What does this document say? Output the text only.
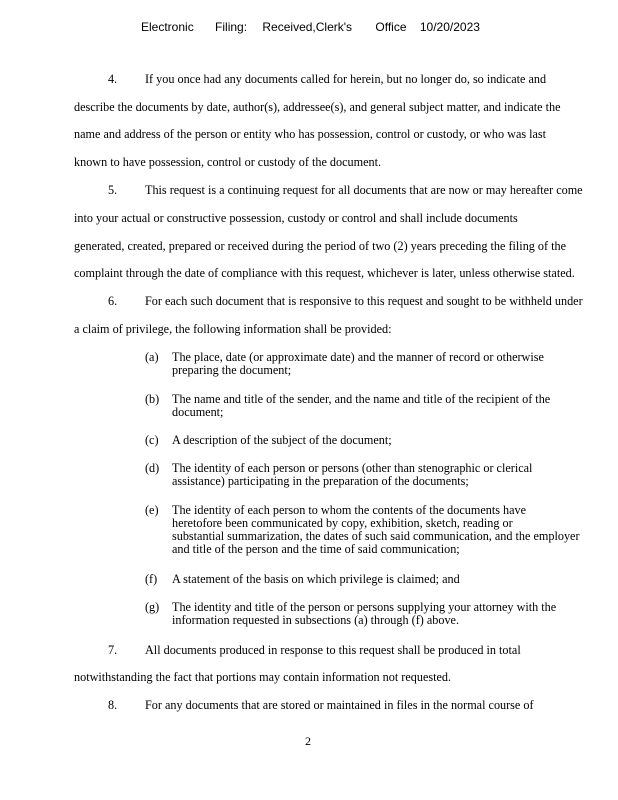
Electronic Filing: Received,Clerk's Office 10/20/2023
4. If you once had any documents called for herein, but no longer do, so indicate and
describe the documents by date, author(s), addressee(s), and general subject matter, and indicate the
name and address of the person or entity who has possession, control or custody, or who was last
known to have possession, control or custody of the document.
5. This request is a continuing request for all documents that are now or may hereafter come
into your actual or constructive possession, custody or control and shall include documents
generated, created, prepared or received during the period of two (2) years preceding the filing of the
complaint through the date of compliance with this request, whichever is later, unless otherwise stated.
6. For each such document that is responsive to this request and sought to be withheld under
a claim of privilege, the following information shall be provided:
(a) The place, date (or approximate date) and the manner of record or otherwise
preparing the document;
(b) The name and title of the sender, and the name and title of the recipient of the
document;
(c) A description of the subject of the document;
(d) The identity of each person or persons (other than stenographic or clerical
assistance) participating in the preparation of the documents;
(e) The identity of each person to whom the contents of the documents have
heretofore been communicated by copy, exhibition, sketch, reading or
substantial summarization, the dates of such said communication, and the employer
and title of the person and the time of said communication;
(f) A statement of the basis on which privilege is claimed; and
(g) The identity and title of the person or persons supplying your attorney with the
information requested in subsections (a) through (f) above.
7. All documents produced in response to this request shall be produced in total
notwithstanding the fact that portions may contain information not requested.
8. For any documents that are stored or maintained in files in the normal course of
2
